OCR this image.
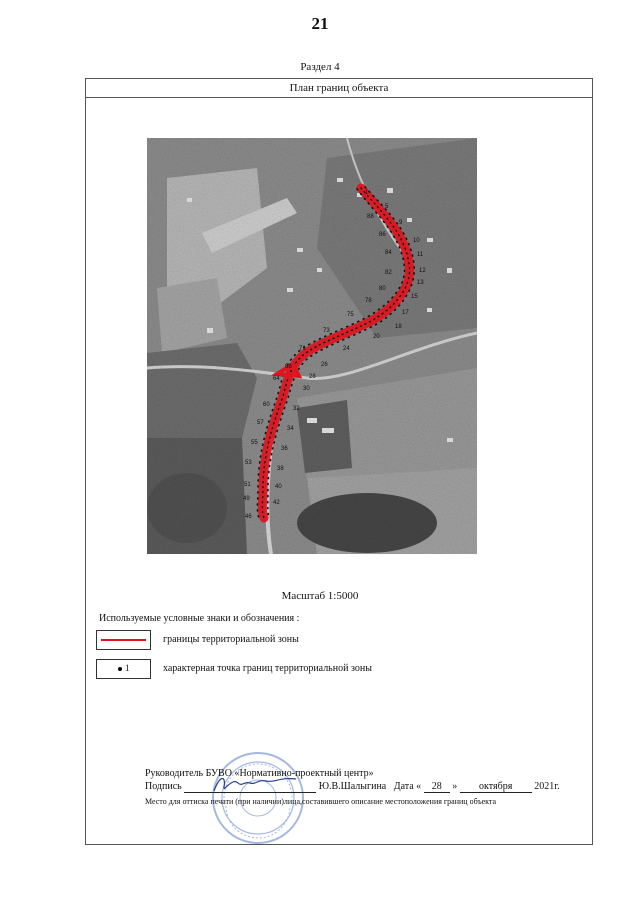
21
Раздел 4
План границ объекта
1
5
9
10
11
12
13
15
17
18
20
24
26
28
30
32
34
36
38
40
42
46
49
51
53
55
57
60
64
68
71
73
75
78
80
82
84
86
88
Масштаб 1:5000
Используемые условные знаки и обозначения :
границы территориальной зоны
1	характерная точка границ территориальной зоны
Руководитель БУВО «Нормативно-проектный центр»
Подпись	Ю.В.Шалыгина Дата « 28 » октября 2021г.
Место для оттиска печати (при наличии)лица,составившего описание местоположения границ объекта
